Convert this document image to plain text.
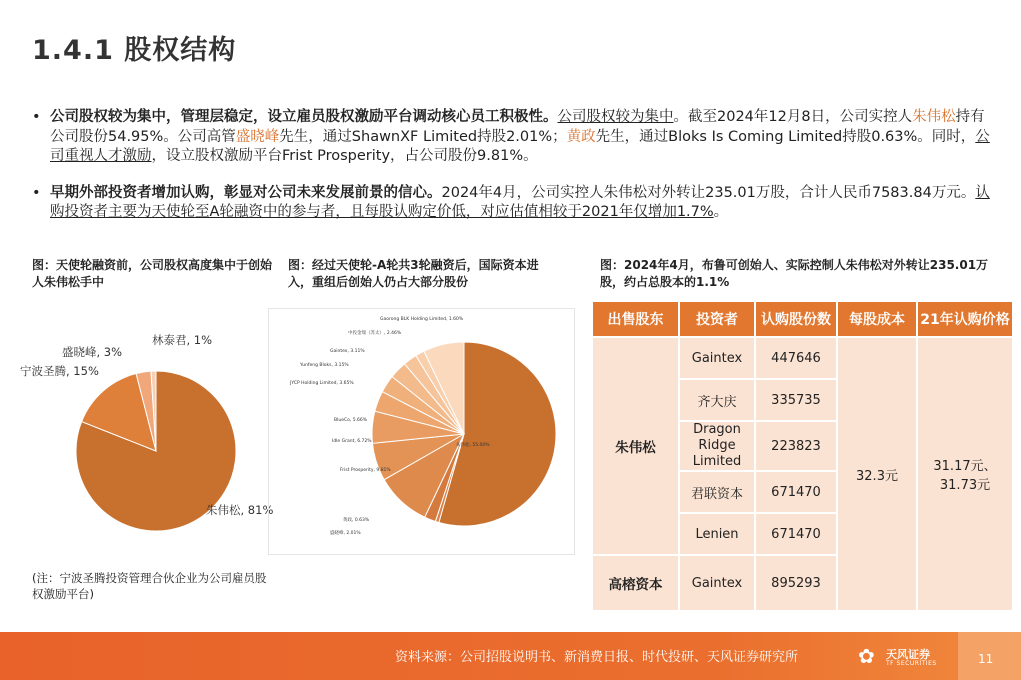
1.4.1 股权结构
• 公司股权较为集中，管理层稳定，设立雇员股权激励平台调动核心员工积极性。公司股权较为集中。截至2024年12月8日，公司实控人朱伟松持有公司股份54.95%。公司高管盛晓峰先生，通过ShawnXF Limited持股2.01%；黄政先生，通过Bloks Is Coming Limited持股0.63%。同时，公司重视人才激励，设立股权激励平台Frist Prosperity，占公司股份9.81%。
• 早期外部投资者增加认购，彰显对公司未来发展前景的信心。2024年4月，公司实控人朱伟松对外转让235.01万股，合计人民币7583.84万元。认购投资者主要为天使轮至A轮融资中的参与者，且每股认购定价低，对应估值相较于2021年仅增加1.7%。
图：天使轮融资前，公司股权高度集中于创始人朱伟松手中
图：经过天使轮-A轮共3轮融资后，国际资本进入，重组后创始人仍占大部分股份
图：2024年4月，布鲁可创始人、实际控制人朱伟松对外转让235.01万股，约占总股本的1.1%
朱伟松, 81%
宁波圣腾, 15%
盛晓峰, 3%
林泰君, 1%
朱伟松, 55.00%
黄政, 0.63%
盛晓峰, 2.01%
Frist Prosperity, 9.81%
Idle Grant, 6.72%
BlueCo, 5.66%
JYCP Holding Limited, 3.65%
Yunfeng Bloks, 3.15%
Gaintex, 3.11%
中投金瑞（苏太）, 2.46%
Gaorong BLK Holding Limited, 1.60%	出售股东	投资者	认购股份数	每股成本	21年认购价格
朱伟松	Gaintex	447646	32.3元	31.17元、31.73元
	齐大庆	335735		
	Dragon Ridge Limited	223823		
	君联资本	671470		
	Lenien	671470		
高榕资本	Gaintex	895293		
(注：宁波圣腾投资管理合伙企业为公司雇员股权激励平台)
资料来源：公司招股说明书、新消费日报、时代投研、天风证券研究所	✿ 天风证券
TF SECURITIES	11
